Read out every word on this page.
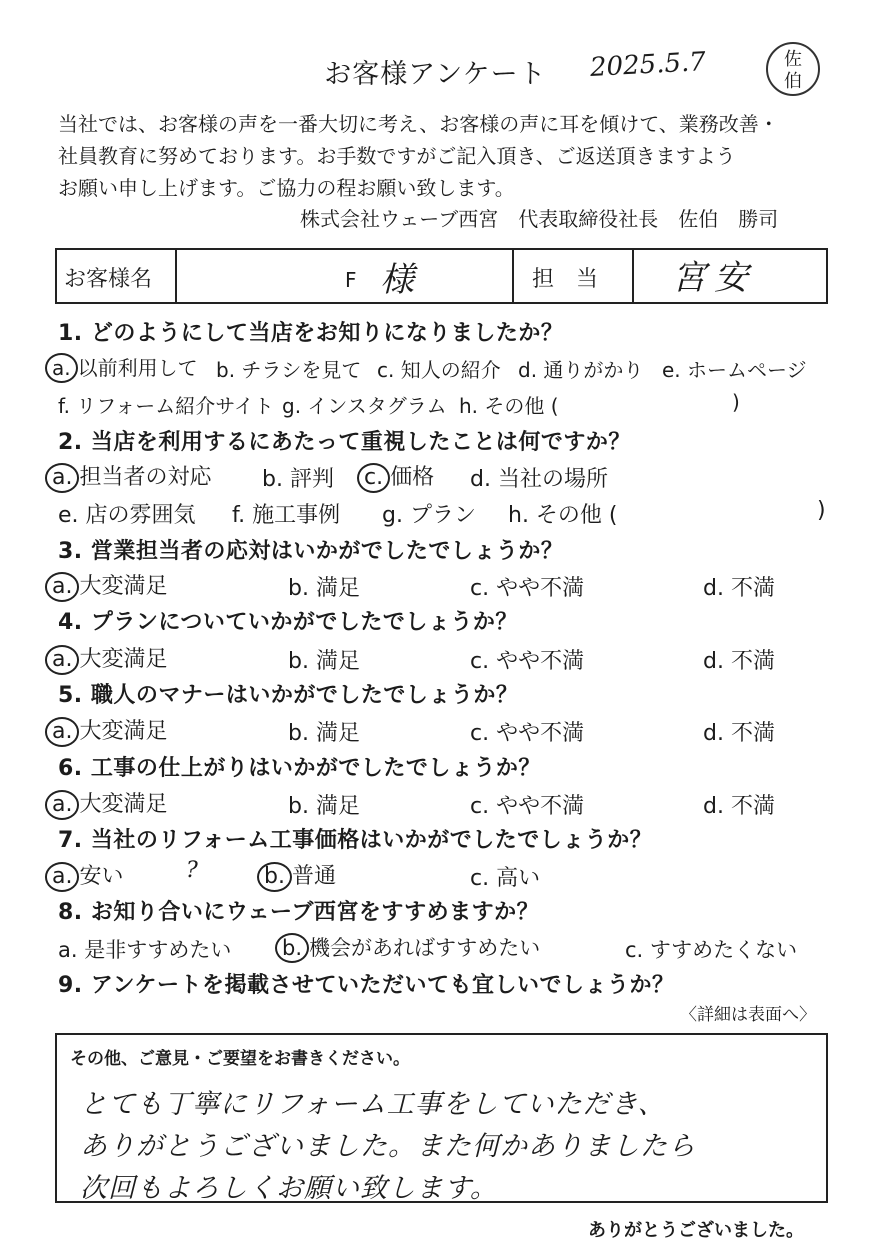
お客様アンケート	2025.5.7	佐
伯
当社では、お客様の声を一番大切に考え、お客様の声に耳を傾けて、業務改善・
社員教育に努めております。お手数ですがご記入頂き、ご返送頂きますよう
お願い申し上げます。ご協力の程お願い致します。
株式会社ウェーブ西宮　代表取締役社長　佐伯　勝司
お客様名	F 様	担　当 宮安
1. どのようにして当店をお知りになりましたか？
a. 以前利用して b. チラシを見て c. 知人の紹介 d. 通りがかり e. ホームページ
f. リフォーム紹介サイト g. インスタグラム h. その他 (	)
2. 当店を利用するにあたって重視したことは何ですか？
a. 担当者の対応 b. 評判 c. 価格 d. 当社の場所
e. 店の雰囲気 f. 施工事例 g. プラン h. その他 (	)
3. 営業担当者の応対はいかがでしたでしょうか？
a. 大変満足	b. 満足	c. やや不満	d. 不満
4. プランについていかがでしたでしょうか？
a. 大変満足	b. 満足	c. やや不満	d. 不満
5. 職人のマナーはいかがでしたでしょうか？
a. 大変満足	b. 満足	c. やや不満	d. 不満
6. 工事の仕上がりはいかがでしたでしょうか？
a. 大変満足	b. 満足	c. やや不満	d. 不満
7. 当社のリフォーム工事価格はいかがでしたでしょうか？
a. 安い	?	b. 普通	c. 高い
8. お知り合いにウェーブ西宮をすすめますか？
a. 是非すすめたい b. 機会があればすすめたい	c. すすめたくない
9. アンケートを掲載させていただいても宜しいでしょうか？
〈詳細は表面へ〉
その他、ご意見・ご要望をお書きください。
とても丁寧にリフォーム工事をしていただき、
ありがとうございました。また何かありましたら
次回もよろしくお願い致します。
ありがとうございました。
